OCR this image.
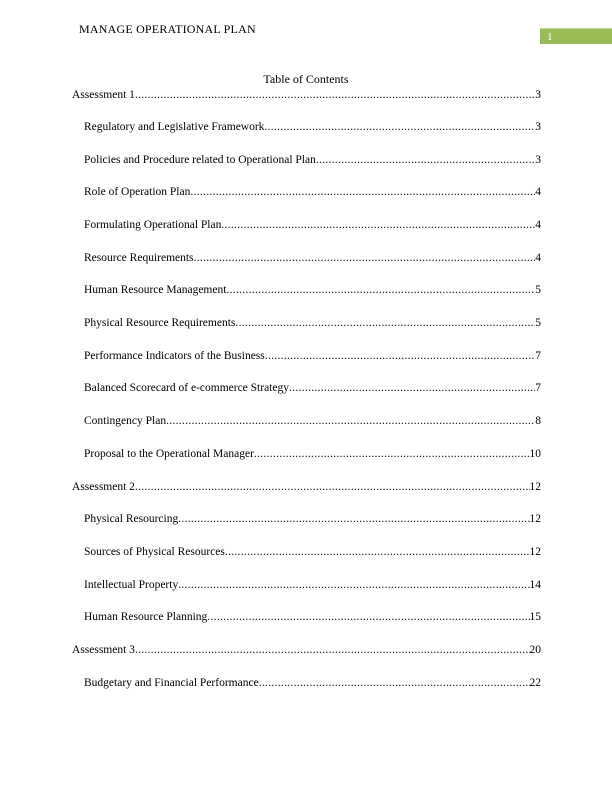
MANAGE OPERATIONAL PLAN
1
Table of Contents
Assessment 1 .....	3
Regulatory and Legislative Framework .....	3
Policies and Procedure related to Operational Plan .....	3
Role of Operation Plan .....	4
Formulating Operational Plan .....	4
Resource Requirements .....	4
Human Resource Management .....	5
Physical Resource Requirements .....	5
Performance Indicators of the Business .....	7
Balanced Scorecard of e-commerce Strategy .....	7
Contingency Plan .....	8
Proposal to the Operational Manager .....	10
Assessment 2 .....	12
Physical Resourcing .....	12
Sources of Physical Resources .....	12
Intellectual Property .....	14
Human Resource Planning .....	15
Assessment 3 .....	20
Budgetary and Financial Performance .....	22
